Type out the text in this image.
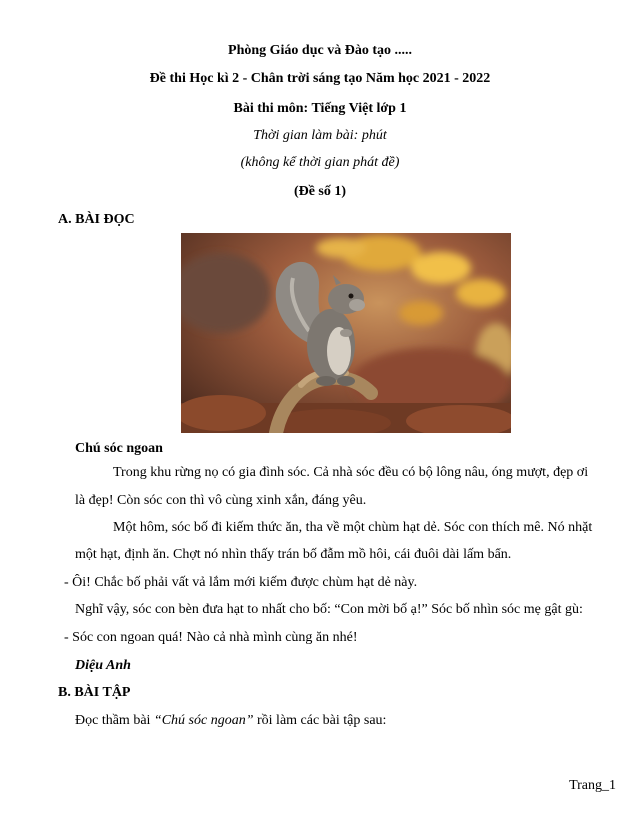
Phòng Giáo dục và Đào tạo .....
Đề thi Học kì 2 - Chân trời sáng tạo Năm học 2021 - 2022
Bài thi môn: Tiếng Việt lớp 1
Thời gian làm bài: phút
(không kể thời gian phát đề)
(Đề số 1)
A. BÀI ĐỌC
Chú sóc ngoan
Trong khu rừng nọ có gia đình sóc. Cả nhà sóc đều có bộ lông nâu, óng mượt, đẹp ơi
là đẹp! Còn sóc con thì vô cùng xinh xắn, đáng yêu.
Một hôm, sóc bố đi kiếm thức ăn, tha về một chùm hạt dẻ. Sóc con thích mê. Nó nhặt
một hạt, định ăn. Chợt nó nhìn thấy trán bố đẫm mồ hôi, cái đuôi dài lấm bẩn.
- Ôi! Chắc bố phải vất vả lắm mới kiếm được chùm hạt dẻ này.
Nghĩ vậy, sóc con bèn đưa hạt to nhất cho bố: “Con mời bố ạ!” Sóc bố nhìn sóc mẹ gật gù:
- Sóc con ngoan quá! Nào cả nhà mình cùng ăn nhé!
Diệu Anh
B. BÀI TẬP
Đọc thầm bài “Chú sóc ngoan” rồi làm các bài tập sau:
Trang_1
